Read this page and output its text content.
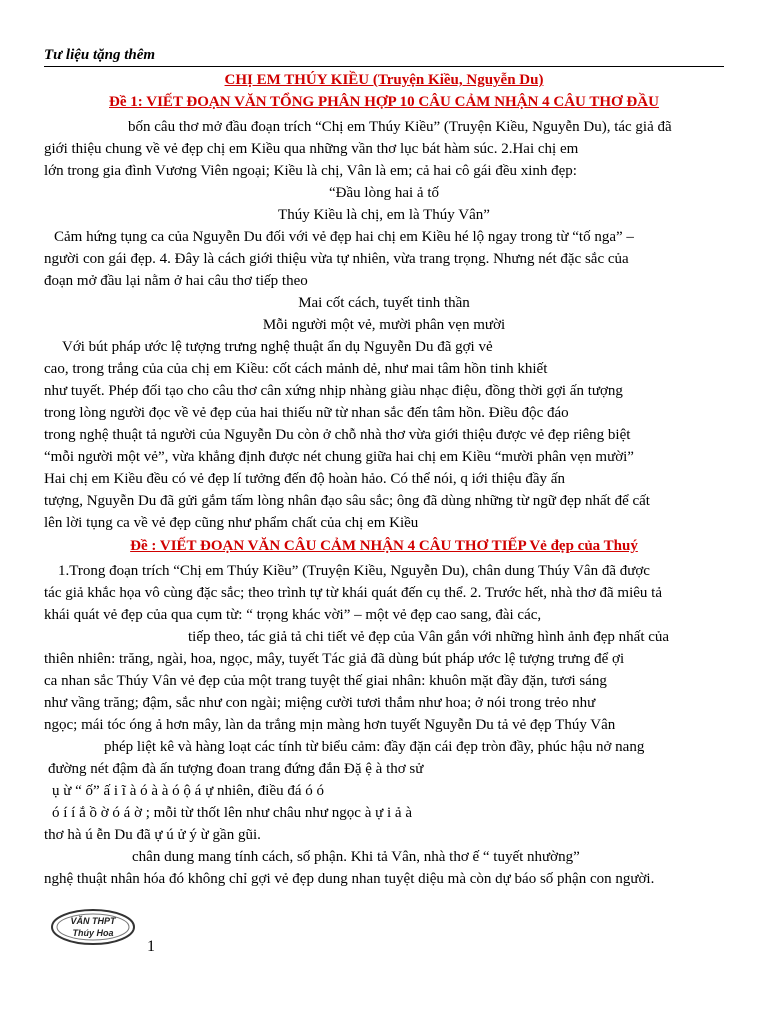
Tư liệu tặng thêm
CHỊ EM THÚY KIỀU (Truyện Kiều, Nguyễn Du)
Đề 1: VIẾT ĐOẠN VĂN TỔNG PHÂN HỢP 10 CÂU CẢM NHẬN 4 CÂU THƠ ĐẦU
bốn câu thơ mở đầu đoạn trích “Chị em Thúy Kiều” (Truyện Kiều, Nguyễn Du), tác giả đã
giới thiệu chung về vẻ đẹp chị em Kiều qua những vần thơ lục bát hàm súc. 2.Hai chị em
lớn trong gia đình Vương Viên ngoại; Kiều là chị, Vân là em; cả hai cô gái đều xinh đẹp:
“Đầu lòng hai ả tố
Thúy Kiều là chị, em là Thúy Vân”
Cảm hứng tụng ca của Nguyễn Du đối với vẻ đẹp hai chị em Kiều hé lộ ngay trong từ “tố nga” –
người con gái đẹp. 4. Đây là cách giới thiệu vừa tự nhiên, vừa trang trọng. Nhưng nét đặc sắc của
đoạn mở đầu lại nằm ở hai câu thơ tiếp theo
Mai cốt cách, tuyết tinh thần
Mỗi người một vẻ, mười phân vẹn mười
Với bút pháp ước lệ tượng trưng nghệ thuật ẩn dụ Nguyễn Du đã gợi vẻ
cao, trong trắng của của chị em Kiều: cốt cách mảnh dẻ, như mai tâm hồn tinh khiết
như tuyết. Phép đối tạo cho câu thơ cân xứng nhịp nhàng giàu nhạc điệu, đồng thời gợi ấn tượng
trong lòng người đọc về vẻ đẹp của hai thiếu nữ từ nhan sắc đến tâm hồn. Điều độc đáo
trong nghệ thuật tả người của Nguyễn Du còn ở chỗ nhà thơ vừa giới thiệu được vẻ đẹp riêng biệt
“mỗi người một vẻ”, vừa khẳng định được nét chung giữa hai chị em Kiều “mười phân vẹn mười”
Hai chị em Kiều đều có vẻ đẹp lí tưởng đến độ hoàn hảo. Có thể nói, q iới thiệu đầy ấn
tượng, Nguyễn Du đã gửi gắm tấm lòng nhân đạo sâu sắc; ông đã dùng những từ ngữ đẹp nhất để cất
lên lời tụng ca về vẻ đẹp cũng như phẩm chất của chị em Kiều
Đề : VIẾT ĐOẠN VĂN CÂU CẢM NHẬN 4 CÂU THƠ TIẾP Vẻ đẹp của Thuý
1.Trong đoạn trích “Chị em Thúy Kiều” (Truyện Kiều, Nguyễn Du), chân dung Thúy Vân đã được
tác giả khắc họa vô cùng đặc sắc; theo trình tự từ khái quát đến cụ thể. 2. Trước hết, nhà thơ đã miêu tả
khái quát vẻ đẹp của qua cụm từ: “ trọng khác vời” – một vẻ đẹp cao sang, đài các,
tiếp theo, tác giả tả chi tiết vẻ đẹp của Vân gắn với những hình ảnh đẹp nhất của
thiên nhiên: trăng, ngài, hoa, ngọc, mây, tuyết Tác giả đã dùng bút pháp ước lệ tượng trưng để ợi
ca nhan sắc Thúy Vân vẻ đẹp của một trang tuyệt thế giai nhân: khuôn mặt đầy đặn, tươi sáng
như vầng trăng; đậm, sắc như con ngài; miệng cười tươi thắm như hoa; ở nói trong trẻo như
ngọc; mái tóc óng ả hơn mây, làn da trắng mịn màng hơn tuyết Nguyễn Du tả vẻ đẹp Thúy Vân
phép liệt kê và hàng loạt các tính từ biểu cảm: đầy đặn cái đẹp tròn đầy, phúc hậu nở nang
đường nét đậm đà ấn tượng đoan trang đứng đắn Đặ ệ à thơ sử
ụ ừ “ ố” ấ i ĩ à ó à à ó ộ á ự nhiên, điều đá ó ó
ó í í ắ ồ ờ ó á ờ ; mỗi từ thốt lên như châu như ngọc à ự i ả à
thơ hà ú ễn Du đã ự ú ử ý ừ gần gũi.
chân dung mang tính cách, số phận. Khi tả Vân, nhà thơ ế “ tuyết nhường”
nghệ thuật nhân hóa đó không chỉ gợi vẻ đẹp dung nhan tuyệt diệu mà còn dự báo số phận con người.
VĂN THPT
Thúy Hoa
1
